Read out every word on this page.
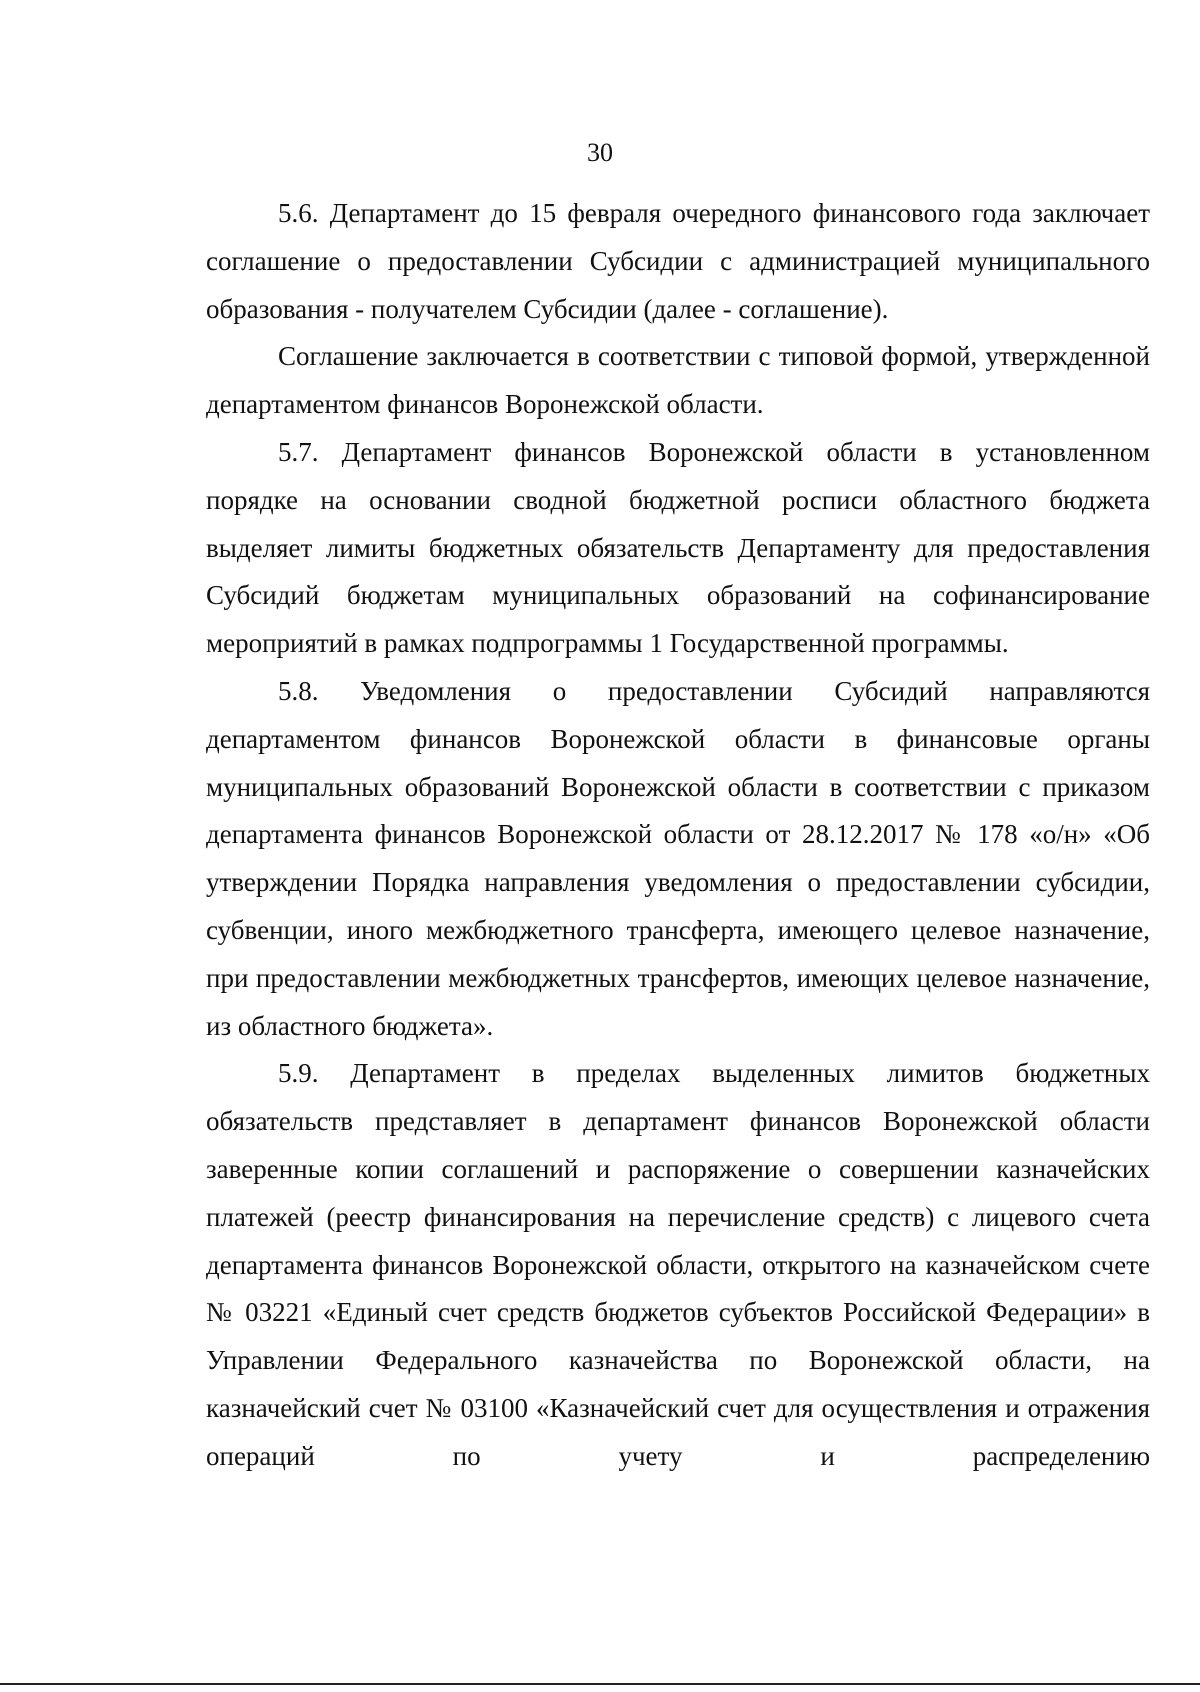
30

5.6. Департамент до 15 февраля очередного финансового года заключает соглашение о предоставлении Субсидии с администрацией муниципального образования - получателем Субсидии (далее - соглашение).

Соглашение заключается в соответствии с типовой формой, утвержденной департаментом финансов Воронежской области.

5.7. Департамент финансов Воронежской области в установленном порядке на основании сводной бюджетной росписи областного бюджета выделяет лимиты бюджетных обязательств Департаменту для предоставления Субсидий бюджетам муниципальных образований на софинансирование мероприятий в рамках подпрограммы 1 Государственной программы.

5.8. Уведомления о предоставлении Субсидий направляются департаментом финансов Воронежской области в финансовые органы муниципальных образований Воронежской области в соответствии с приказом департамента финансов Воронежской области от 28.12.2017 № 178 «о/н» «Об утверждении Порядка направления уведомления о предоставлении субсидии, субвенции, иного межбюджетного трансферта, имеющего целевое назначение, при предоставлении межбюджетных трансфертов, имеющих целевое назначение, из областного бюджета».

5.9. Департамент в пределах выделенных лимитов бюджетных обязательств представляет в департамент финансов Воронежской области заверенные копии соглашений и распоряжение о совершении казначейских платежей (реестр финансирования на перечисление средств) с лицевого счета департамента финансов Воронежской области, открытого на казначейском счете № 03221 «Единый счет средств бюджетов субъектов Российской Федерации» в Управлении Федерального казначейства по Воронежской области, на казначейский счет № 03100 «Казначейский счет для осуществления и отражения операций по учету и распределению
